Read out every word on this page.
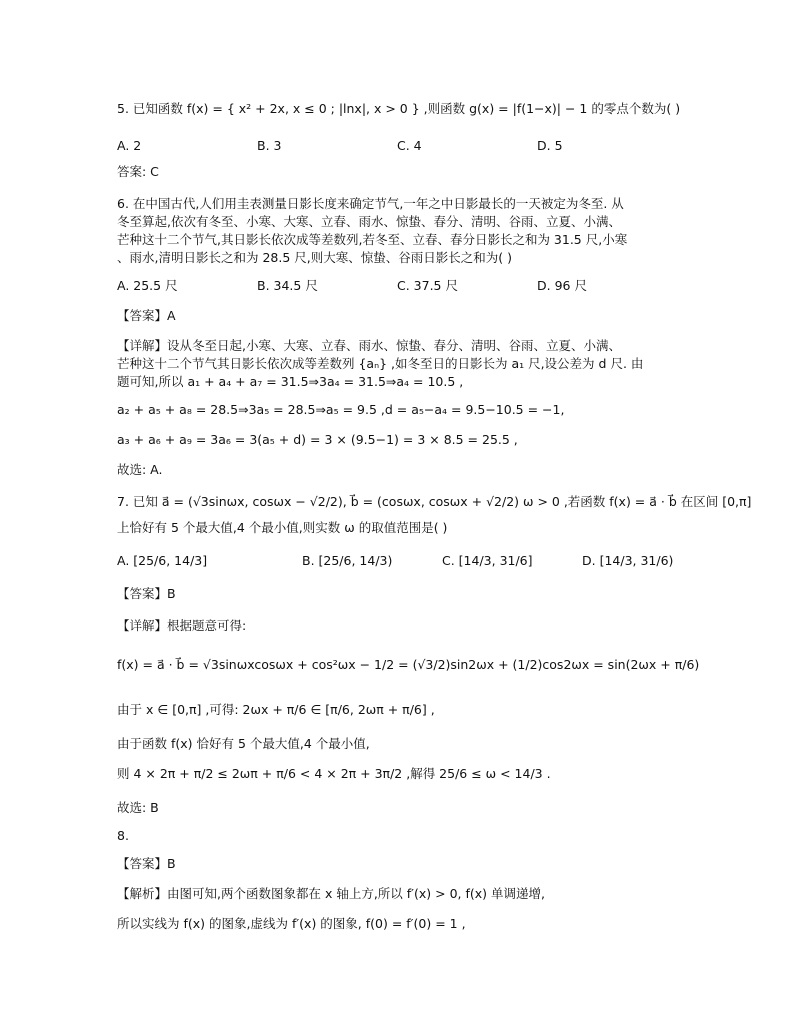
5. 已知函数 f(x) = { x² + 2x, x ≤ 0 ; |lnx|, x > 0 } ,则函数 g(x) = |f(1−x)| − 1 的零点个数为( )
A. 2	B. 3	C. 4	D. 5
答案: C
6. 在中国古代,人们用圭表测量日影长度来确定节气,一年之中日影最长的一天被定为冬至. 从
冬至算起,依次有冬至、小寒、大寒、立春、雨水、惊蛰、春分、清明、谷雨、立夏、小满、
芒种这十二个节气,其日影长依次成等差数列,若冬至、立春、春分日影长之和为 31.5 尺,小寒
、雨水,清明日影长之和为 28.5 尺,则大寒、惊蛰、谷雨日影长之和为( )
A. 25.5 尺	B. 34.5 尺	C. 37.5 尺	D. 96 尺
【答案】A
【详解】设从冬至日起,小寒、大寒、立春、雨水、惊蛰、春分、清明、谷雨、立夏、小满、
芒种这十二个节气其日影长依次成等差数列 {aₙ} ,如冬至日的日影长为 a₁ 尺,设公差为 d 尺. 由
题可知,所以 a₁ + a₄ + a₇ = 31.5⇒3a₄ = 31.5⇒a₄ = 10.5 ,
a₂ + a₅ + a₈ = 28.5⇒3a₅ = 28.5⇒a₅ = 9.5 ,d = a₅−a₄ = 9.5−10.5 = −1,
a₃ + a₆ + a₉ = 3a₆ = 3(a₅ + d) = 3 × (9.5−1) = 3 × 8.5 = 25.5 ,
故选: A.
7. 已知 a⃗ = (√3sinωx, cosωx − √2/2), b⃗ = (cosωx, cosωx + √2/2) ω > 0 ,若函数 f(x) = a⃗ · b⃗ 在区间 [0,π]
上恰好有 5 个最大值,4 个最小值,则实数 ω 的取值范围是( )
A. [25/6, 14/3]	B. [25/6, 14/3)	C. [14/3, 31/6]	D. [14/3, 31/6)
【答案】B
【详解】根据题意可得:
f(x) = a⃗ · b⃗ = √3sinωxcosωx + cos²ωx − 1/2 = (√3/2)sin2ωx + (1/2)cos2ωx = sin(2ωx + π/6)
由于 x ∈ [0,π] ,可得: 2ωx + π/6 ∈ [π/6, 2ωπ + π/6] ,
由于函数 f(x) 恰好有 5 个最大值,4 个最小值,
则 4 × 2π + π/2 ≤ 2ωπ + π/6 < 4 × 2π + 3π/2 ,解得 25/6 ≤ ω < 14/3 .
故选: B
8.
【答案】B
【解析】由图可知,两个函数图象都在 x 轴上方,所以 f′(x) > 0, f(x) 单调递增,
所以实线为 f(x) 的图象,虚线为 f′(x) 的图象, f(0) = f′(0) = 1 ,
